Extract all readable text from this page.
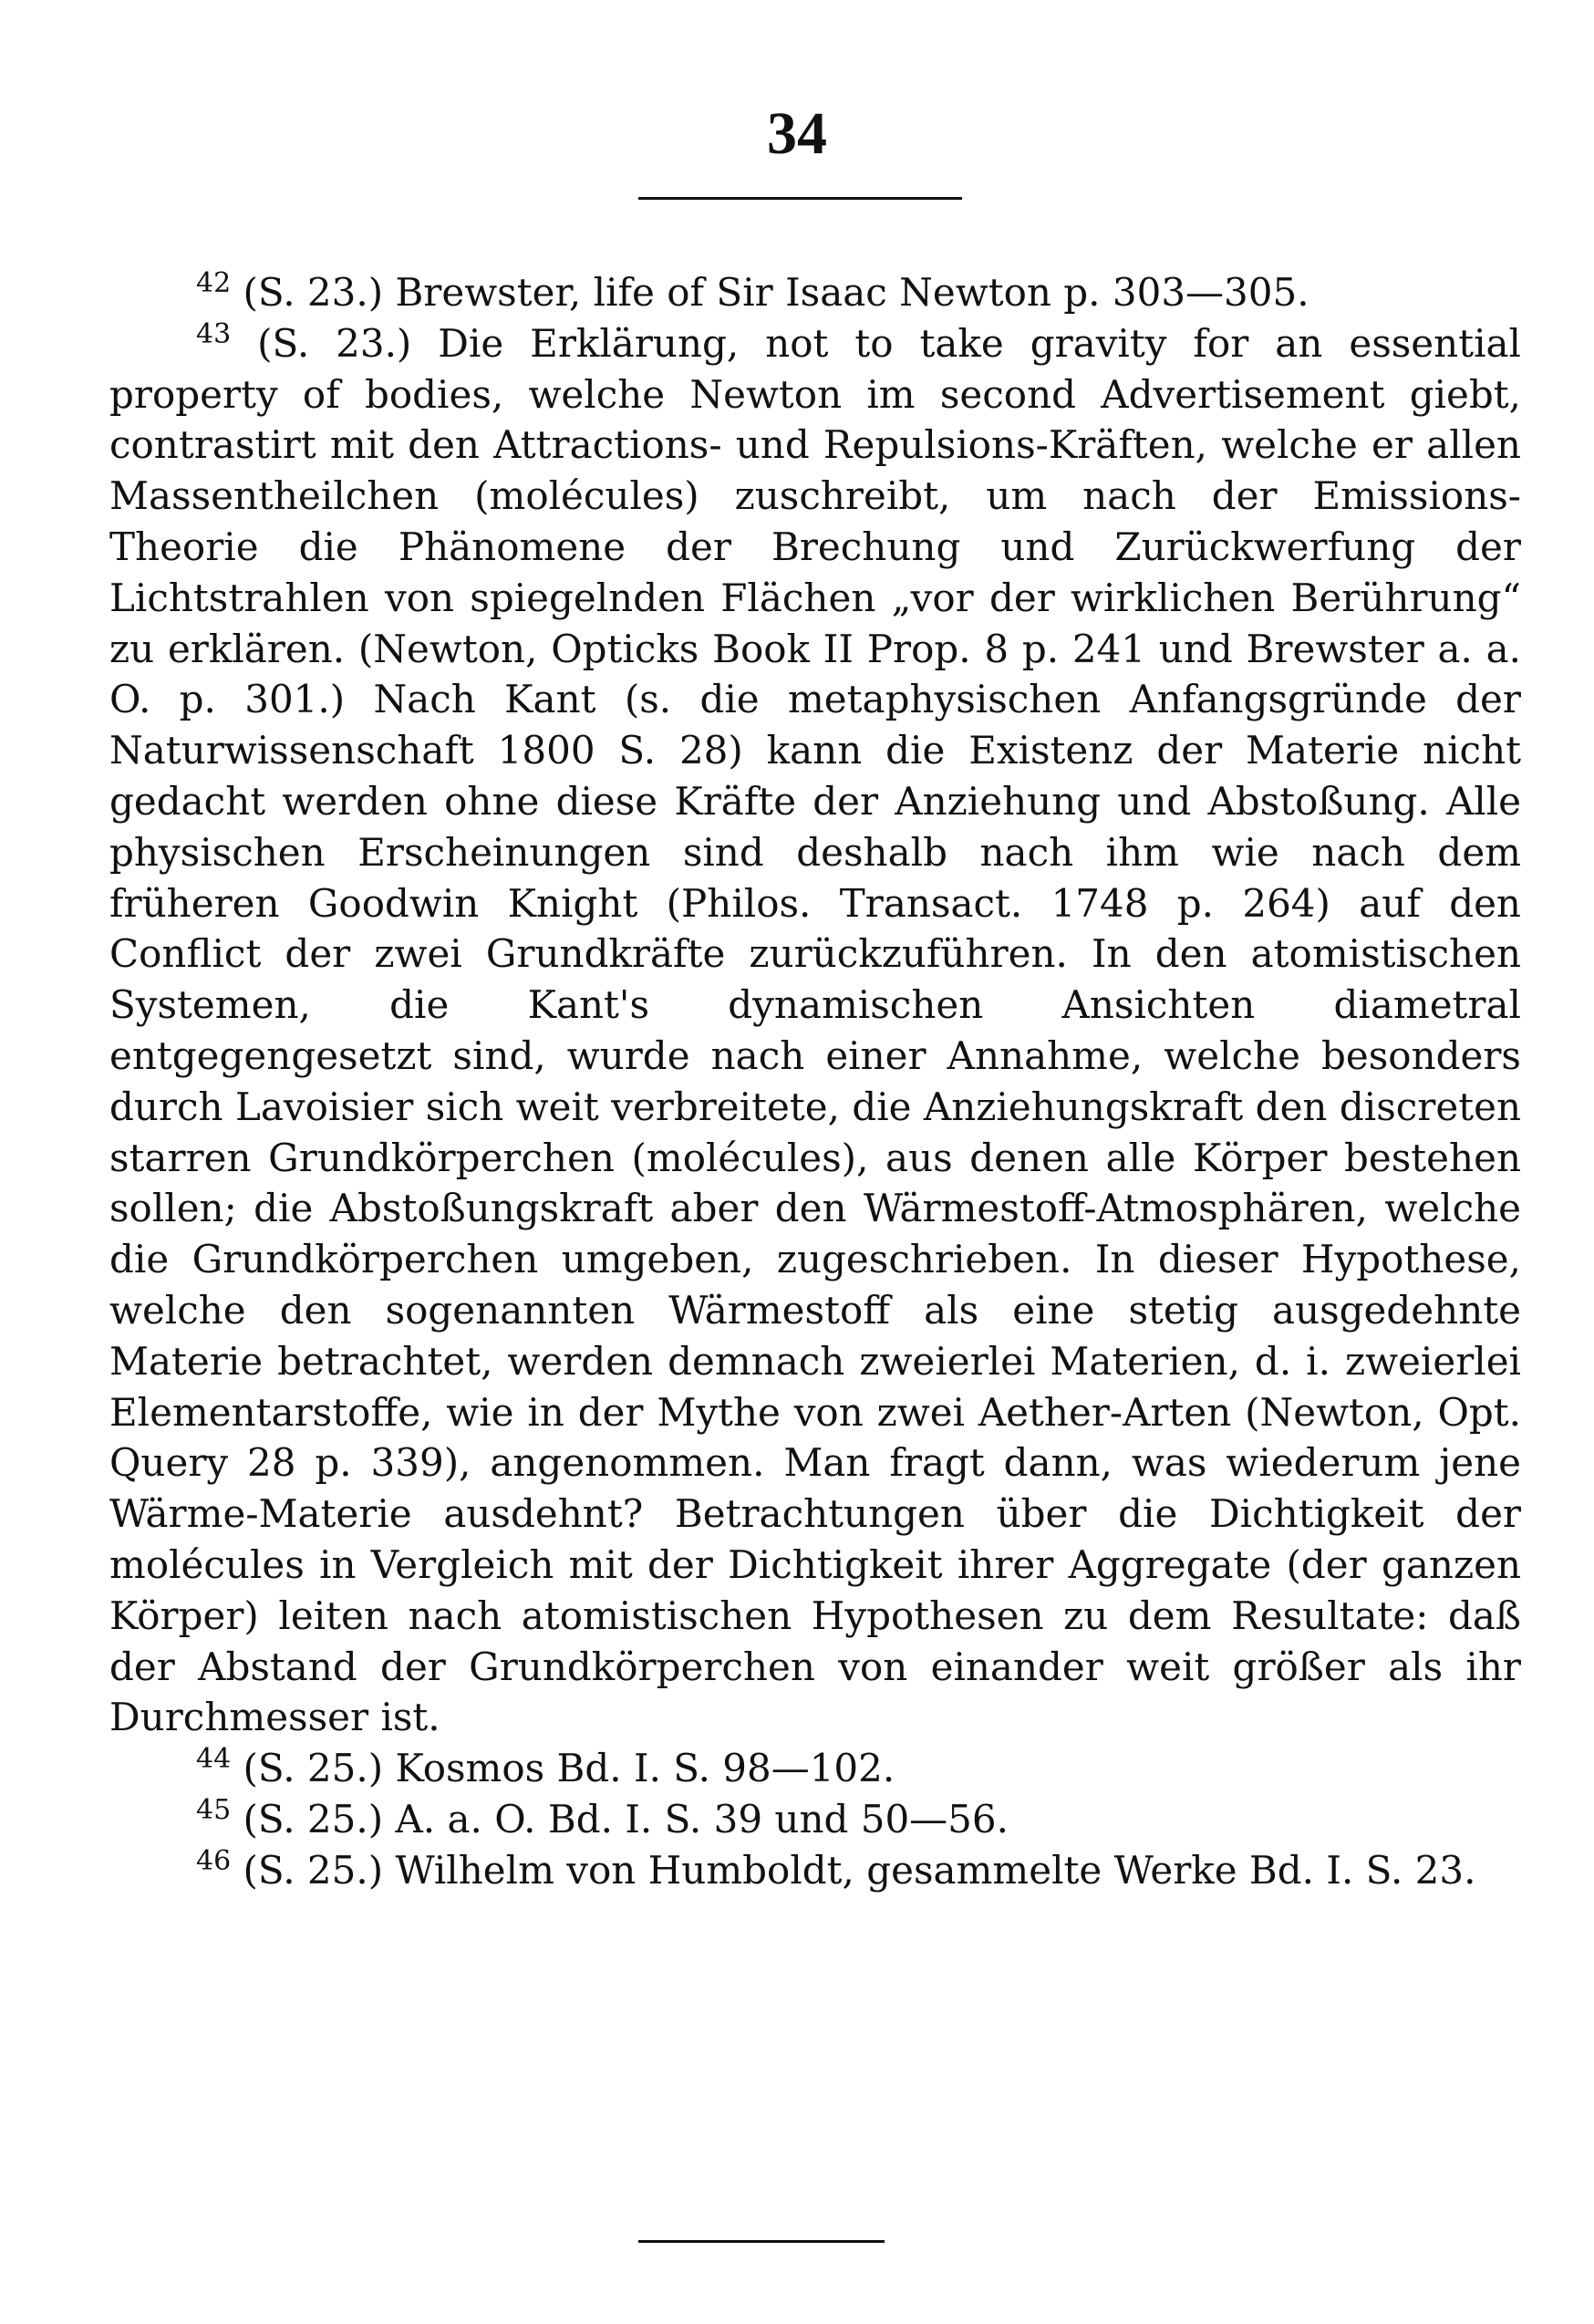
34

$^{42}$ (S. 23.) Brewster, life of Sir Isaac Newton p. 303—305.

$^{43}$ (S. 23.) Die Erklärung, not to take gravity for an essential property of bodies, welche Newton im second Advertisement giebt, contrastirt mit den Attractions- und Repulsions-Kräften, welche er allen Massentheilchen (molécules) zuschreibt, um nach der Emissions-Theorie die Phänomene der Brechung und Zurückwerfung der Lichtstrahlen von spiegelnden Flächen „vor der wirklichen Berührung“ zu erklären. (Newton, Opticks Book II Prop. 8 p. 241 und Brewster a. a. O. p. 301.) Nach Kant (s. die metaphysischen Anfangsgründe der Naturwissenschaft 1800 S. 28) kann die Existenz der Materie nicht gedacht werden ohne diese Kräfte der Anziehung und Abstoßung. Alle physischen Erscheinungen sind deshalb nach ihm wie nach dem früheren Goodwin Knight (Philos. Transact. 1748 p. 264) auf den Conflict der zwei Grundkräfte zurückzuführen. In den atomistischen Systemen, die Kant's dynamischen Ansichten diametral entgegengesetzt sind, wurde nach einer Annahme, welche besonders durch Lavoisier sich weit verbreitete, die Anziehungskraft den discreten starren Grundkörperchen (molécules), aus denen alle Körper bestehen sollen; die Abstoßungskraft aber den Wärmestoff-Atmosphären, welche die Grundkörperchen umgeben, zugeschrieben. In dieser Hypothese, welche den sogenannten Wärmestoff als eine stetig ausgedehnte Materie betrachtet, werden demnach zweierlei Materien, d. i. zweierlei Elementarstoffe, wie in der Mythe von zwei Aether-Arten (Newton, Opt. Query 28 p. 339), angenommen. Man fragt dann, was wiederum jene Wärme-Materie ausdehnt? Betrachtungen über die Dichtigkeit der molécules in Vergleich mit der Dichtigkeit ihrer Aggregate (der ganzen Körper) leiten nach atomistischen Hypothesen zu dem Resultate: daß der Abstand der Grundkörperchen von einander weit größer als ihr Durchmesser ist.

$^{44}$ (S. 25.) Kosmos Bd. I. S. 98—102.

$^{45}$ (S. 25.) A. a. O. Bd. I. S. 39 und 50—56.

$^{46}$ (S. 25.) Wilhelm von Humboldt, gesammelte Werke Bd. I. S. 23.
